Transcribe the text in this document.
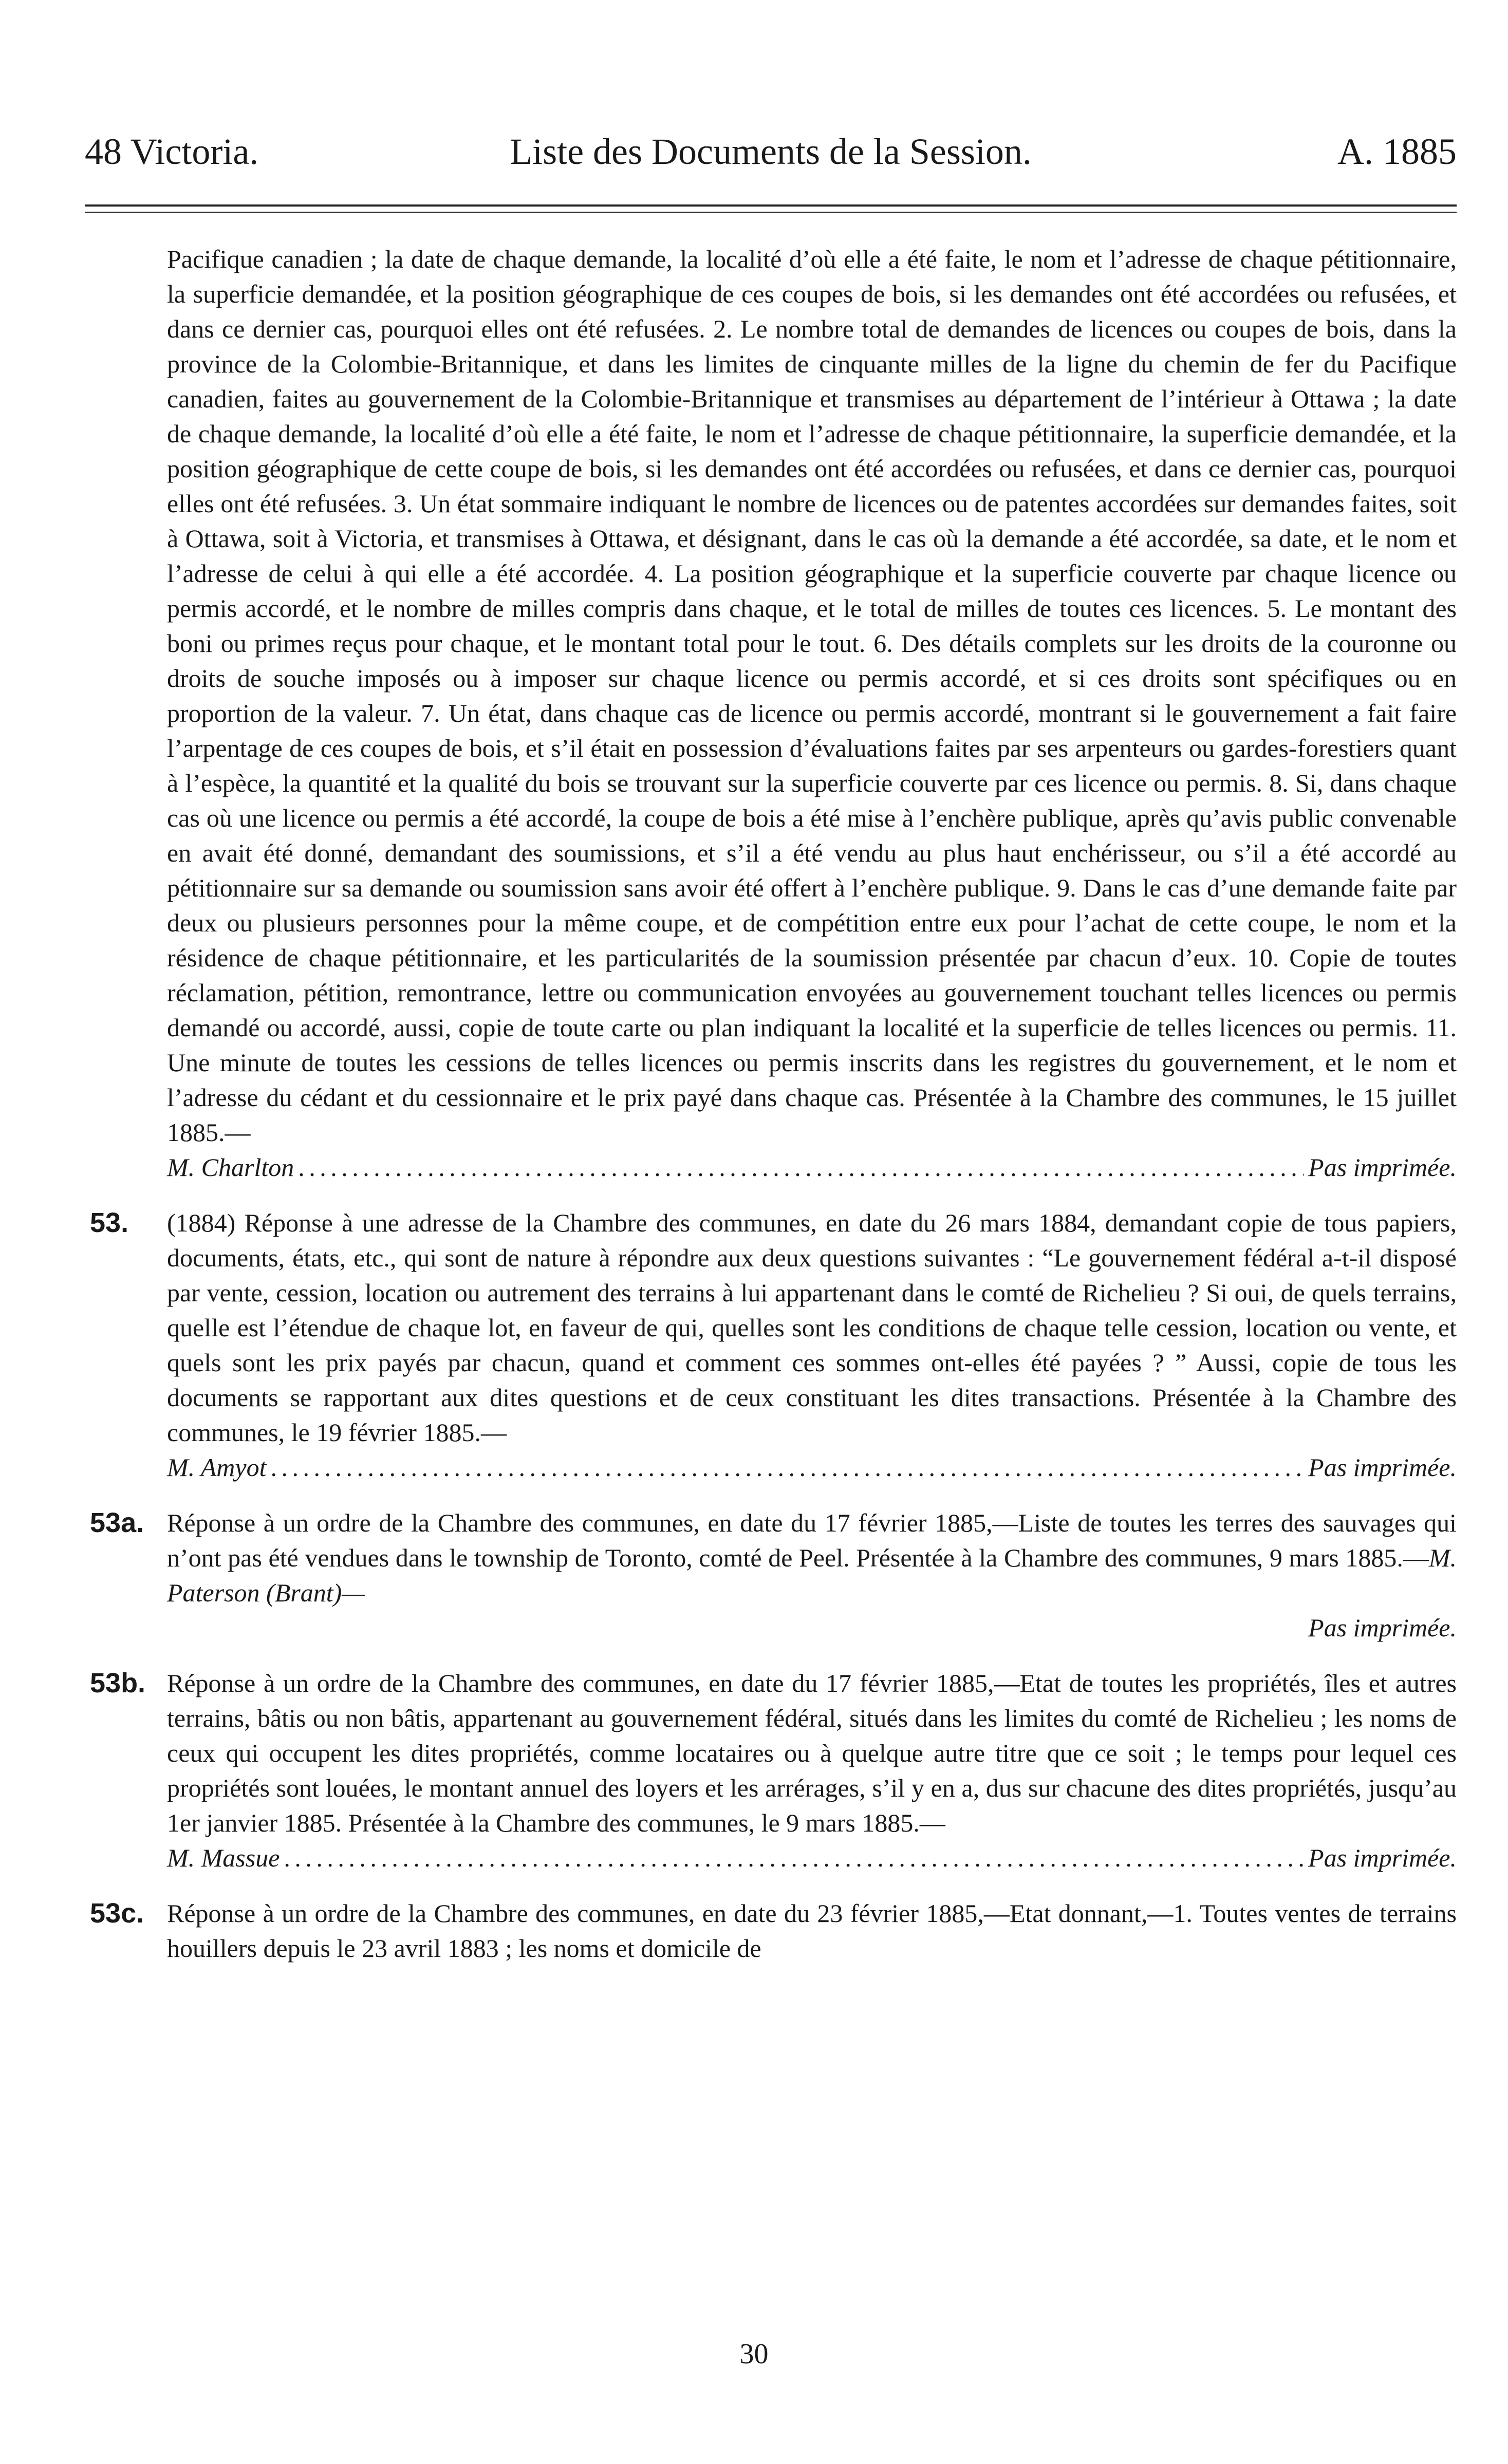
48 Victoria.	Liste des Documents de la Session.	A. 1885

Pacifique canadien ; la date de chaque demande, la localité d’où elle a été faite, le nom et l’adresse de chaque pétitionnaire, la superficie demandée, et la position géographique de ces coupes de bois, si les demandes ont été accordées ou refusées, et dans ce dernier cas, pourquoi elles ont été refusées. 2. Le nombre total de demandes de licences ou coupes de bois, dans la province de la Colombie-Britannique, et dans les limites de cinquante milles de la ligne du chemin de fer du Pacifique canadien, faites au gouvernement de la Colombie-Britannique et transmises au département de l’intérieur à Ottawa ; la date de chaque demande, la localité d’où elle a été faite, le nom et l’adresse de chaque pétitionnaire, la superficie demandée, et la position géographique de cette coupe de bois, si les demandes ont été accordées ou refusées, et dans ce dernier cas, pourquoi elles ont été refusées. 3. Un état sommaire indiquant le nombre de licences ou de patentes accordées sur demandes faites, soit à Ottawa, soit à Victoria, et transmises à Ottawa, et désignant, dans le cas où la demande a été accordée, sa date, et le nom et l’adresse de celui à qui elle a été accordée. 4. La position géographique et la superficie couverte par chaque licence ou permis accordé, et le nombre de milles compris dans chaque, et le total de milles de toutes ces licences. 5. Le montant des boni ou primes reçus pour chaque, et le montant total pour le tout. 6. Des détails complets sur les droits de la couronne ou droits de souche imposés ou à imposer sur chaque licence ou permis accordé, et si ces droits sont spécifiques ou en proportion de la valeur. 7. Un état, dans chaque cas de licence ou permis accordé, montrant si le gouvernement a fait faire l’arpentage de ces coupes de bois, et s’il était en possession d’évaluations faites par ses arpenteurs ou gardes-forestiers quant à l’espèce, la quantité et la qualité du bois se trouvant sur la superficie couverte par ces licence ou permis. 8. Si, dans chaque cas où une licence ou permis a été accordé, la coupe de bois a été mise à l’enchère publique, après qu’avis public convenable en avait été donné, demandant des soumissions, et s’il a été vendu au plus haut enchérisseur, ou s’il a été accordé au pétitionnaire sur sa demande ou soumission sans avoir été offert à l’enchère publique. 9. Dans le cas d’une demande faite par deux ou plusieurs personnes pour la même coupe, et de compétition entre eux pour l’achat de cette coupe, le nom et la résidence de chaque pétitionnaire, et les particularités de la soumission présentée par chacun d’eux. 10. Copie de toutes réclamation, pétition, remontrance, lettre ou communication envoyées au gouvernement touchant telles licences ou permis demandé ou accordé, aussi, copie de toute carte ou plan indiquant la localité et la superficie de telles licences ou permis. 11. Une minute de toutes les cessions de telles licences ou permis inscrits dans les registres du gouvernement, et le nom et l’adresse du cédant et du cessionnaire et le prix payé dans chaque cas. Présentée à la Chambre des communes, le 15 juillet 1885.—

M. Charlton . . .	Pas imprimée.
53. (1884) Réponse à une adresse de la Chambre des communes, en date du 26 mars 1884, demandant copie de tous papiers, documents, états, etc., qui sont de nature à répondre aux deux questions suivantes : “Le gouvernement fédéral a-t-il disposé par vente, cession, location ou autrement des terrains à lui appartenant dans le comté de Richelieu ? Si oui, de quels terrains, quelle est l’étendue de chaque lot, en faveur de qui, quelles sont les conditions de chaque telle cession, location ou vente, et quels sont les prix payés par chacun, quand et comment ces sommes ont-elles été payées ? ” Aussi, copie de tous les documents se rapportant aux dites questions et de ceux constituant les dites transactions. Présentée à la Chambre des communes, le 19 février 1885.—
M. Amyot . . .	Pas imprimée.
53a. Réponse à un ordre de la Chambre des communes, en date du 17 février 1885,—Liste de toutes les terres des sauvages qui n’ont pas été vendues dans le township de Toronto, comté de Peel. Présentée à la Chambre des communes, 9 mars 1885.—M. Paterson (Brant)—
Pas imprimée.
53b. Réponse à un ordre de la Chambre des communes, en date du 17 février 1885,—Etat de toutes les propriétés, îles et autres terrains, bâtis ou non bâtis, appartenant au gouvernement fédéral, situés dans les limites du comté de Richelieu ; les noms de ceux qui occupent les dites propriétés, comme locataires ou à quelque autre titre que ce soit ; le temps pour lequel ces propriétés sont louées, le montant annuel des loyers et les arrérages, s’il y en a, dus sur chacune des dites propriétés, jusqu’au 1er janvier 1885. Présentée à la Chambre des communes, le 9 mars 1885.—
M. Massue . . .	Pas imprimée.
53c. Réponse à un ordre de la Chambre des communes, en date du 23 février 1885,—Etat donnant,—1. Toutes ventes de terrains houillers depuis le 23 avril 1883 ; les noms et domicile de
30
